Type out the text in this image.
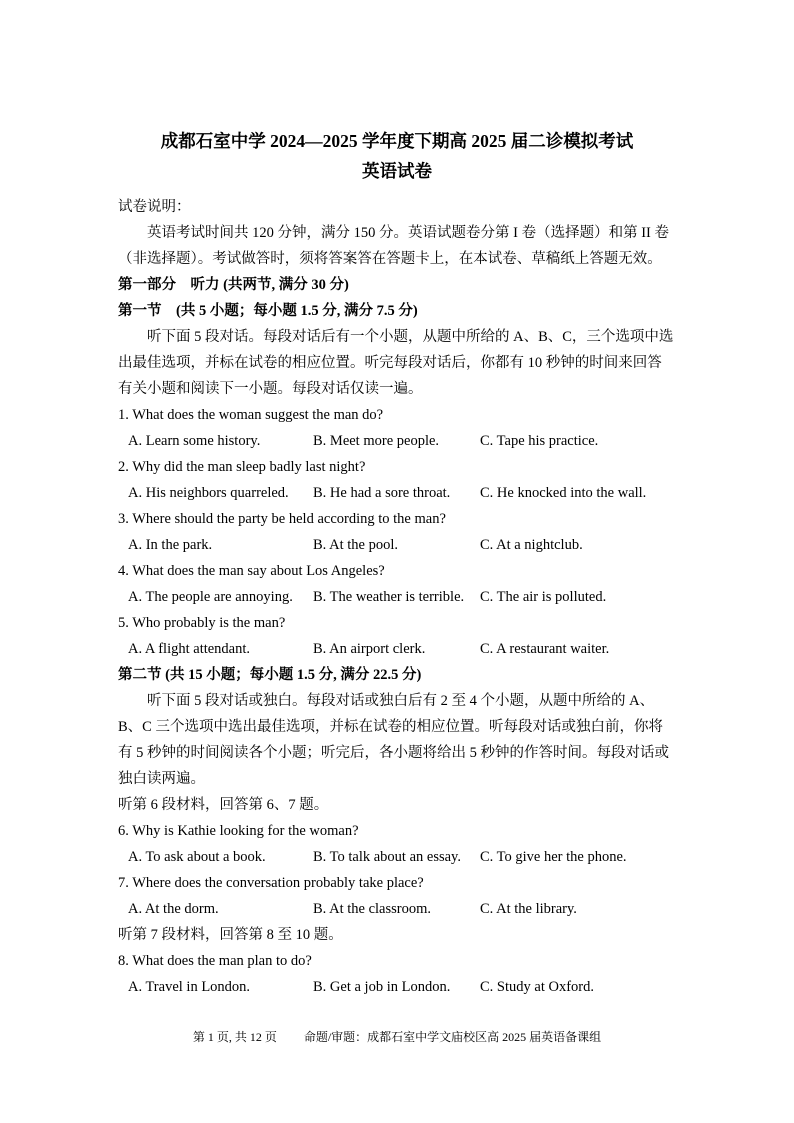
成都石室中学 2024—2025 学年度下期高 2025 届二诊模拟考试
英语试卷
试卷说明：
英语考试时间共 120 分钟，满分 150 分。英语试题卷分第 I 卷（选择题）和第 II 卷（非选择题）。考试做答时，须将答案答在答题卡上，在本试卷、草稿纸上答题无效。
第一部分　听力 (共两节, 满分 30 分)
第一节　(共 5 小题；每小题 1.5 分, 满分 7.5 分)
听下面 5 段对话。每段对话后有一个小题，从题中所给的 A、B、C，三个选项中选出最佳选项，并标在试卷的相应位置。听完每段对话后，你都有 10 秒钟的时间来回答有关小题和阅读下一小题。每段对话仅读一遍。
1. What does the woman suggest the man do?
A. Learn some history.	B. Meet more people.	C. Tape his practice.
2. Why did the man sleep badly last night?
A. His neighbors quarreled.	B. He had a sore throat.	C. He knocked into the wall.
3. Where should the party be held according to the man?
A. In the park.	B. At the pool.	C. At a nightclub.
4. What does the man say about Los Angeles?
A. The people are annoying.	B. The weather is terrible.	C. The air is polluted.
5. Who probably is the man?
A. A flight attendant.	B. An airport clerk.	C. A restaurant waiter.
第二节 (共 15 小题；每小题 1.5 分, 满分 22.5 分)
听下面 5 段对话或独白。每段对话或独白后有 2 至 4 个小题，从题中所给的 A、B、C 三个选项中选出最佳选项，并标在试卷的相应位置。听每段对话或独白前，你将有 5 秒钟的时间阅读各个小题；听完后，各小题将给出 5 秒钟的作答时间。每段对话或独白读两遍。
听第 6 段材料，回答第 6、7 题。
6. Why is Kathie looking for the woman?
A. To ask about a book.	B. To talk about an essay.	C. To give her the phone.
7. Where does the conversation probably take place?
A. At the dorm.	B. At the classroom.	C. At the library.
听第 7 段材料，回答第 8 至 10 题。
8. What does the man plan to do?
A. Travel in London.	B. Get a job in London.	C. Study at Oxford.
第 1 页, 共 12 页 命题/审题：成都石室中学文庙校区高 2025 届英语备课组
